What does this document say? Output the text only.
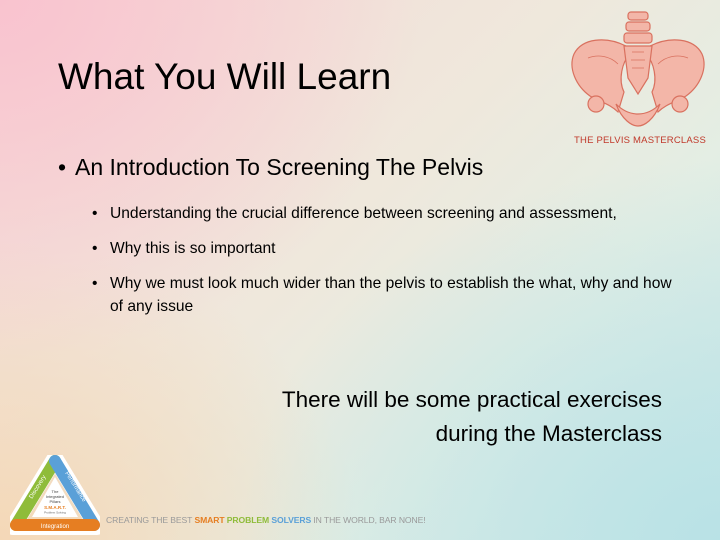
What You Will Learn
• An Introduction To Screening The Pelvis
• Understanding the crucial difference between screening and assessment,
• Why this is so important
• Why we must look much wider than the pelvis to establish the what, why and how of any issue
There will be some practical exercises
during the Masterclass
THE PELVIS MASTERCLASS
Discovery	Performance
Integration
The
Integrated
Pillars
S.M.A.R.T.
Problem Solving
CREATING THE BEST SMART PROBLEM SOLVERS IN THE WORLD, BAR NONE!
